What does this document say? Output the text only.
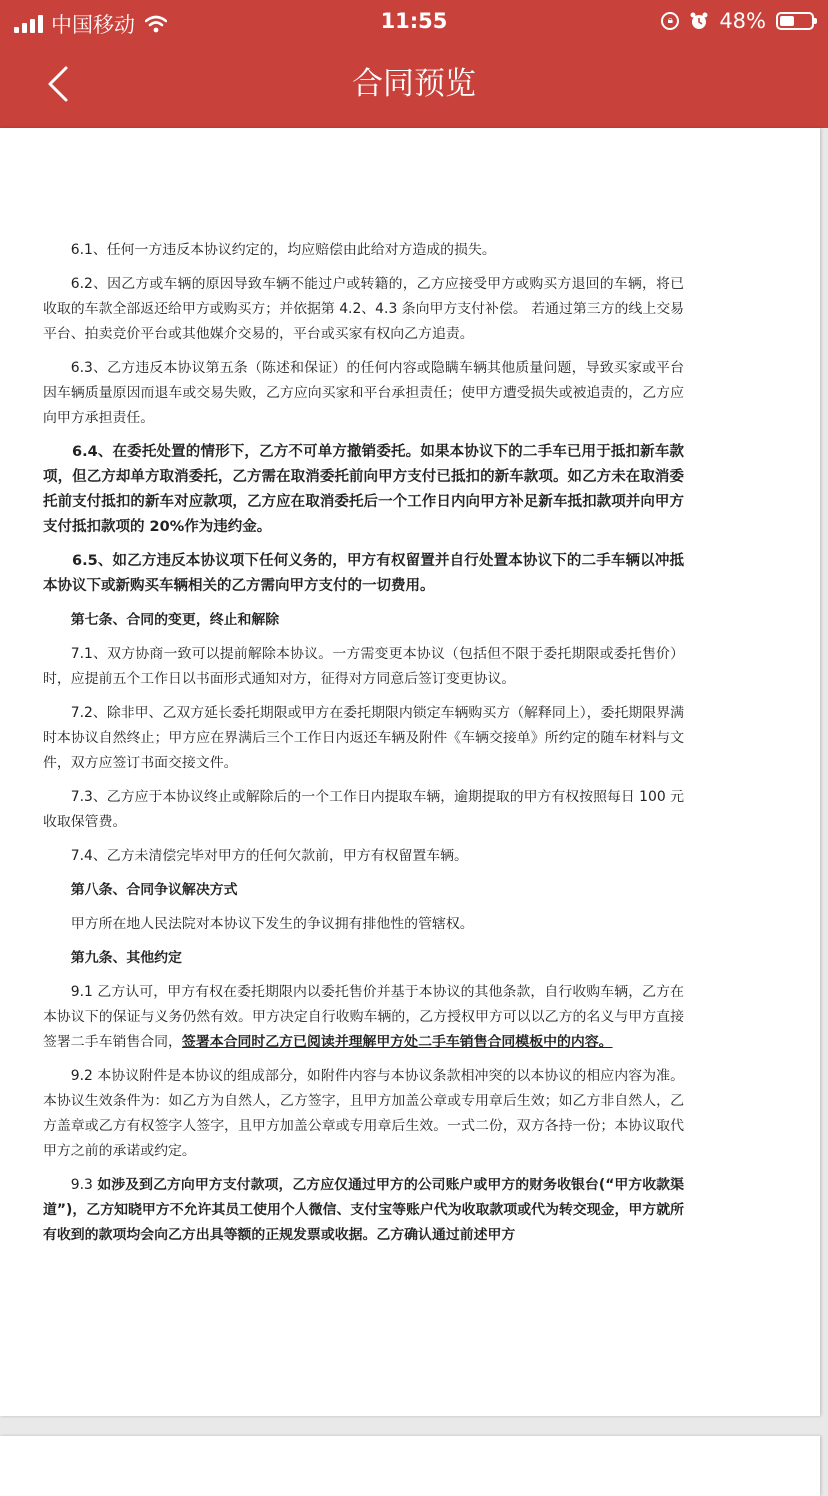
中国移动	11:55	🔒︎	48%
合同预览

6.1、任何一方违反本协议约定的，均应赔偿由此给对方造成的损失。

6.2、因乙方或车辆的原因导致车辆不能过户或转籍的，乙方应接受甲方或购买方退回的车辆，将已收取的车款全部返还给甲方或购买方；并依据第 4.2、4.3 条向甲方支付补偿。 若通过第三方的线上交易平台、拍卖竞价平台或其他媒介交易的，平台或买家有权向乙方追责。

6.3、乙方违反本协议第五条（陈述和保证）的任何内容或隐瞒车辆其他质量问题，导致买家或平台因车辆质量原因而退车或交易失败，乙方应向买家和平台承担责任；使甲方遭受损失或被追责的，乙方应向甲方承担责任。

6.4、在委托处置的情形下，乙方不可单方撤销委托。如果本协议下的二手车已用于抵扣新车款项，但乙方却单方取消委托，乙方需在取消委托前向甲方支付已抵扣的新车款项。如乙方未在取消委托前支付抵扣的新车对应款项，乙方应在取消委托后一个工作日内向甲方补足新车抵扣款项并向甲方支付抵扣款项的 20%作为违约金。

6.5、如乙方违反本协议项下任何义务的，甲方有权留置并自行处置本协议下的二手车辆以冲抵本协议下或新购买车辆相关的乙方需向甲方支付的一切费用。

第七条、合同的变更，终止和解除

7.1、双方协商一致可以提前解除本协议。一方需变更本协议（包括但不限于委托期限或委托售价）时，应提前五个工作日以书面形式通知对方，征得对方同意后签订变更协议。

7.2、除非甲、乙双方延长委托期限或甲方在委托期限内锁定车辆购买方（解释同上），委托期限界满时本协议自然终止；甲方应在界满后三个工作日内返还车辆及附件《车辆交接单》所约定的随车材料与文件，双方应签订书面交接文件。

7.3、乙方应于本协议终止或解除后的一个工作日内提取车辆，逾期提取的甲方有权按照每日 100 元收取保管费。

7.4、乙方未清偿完毕对甲方的任何欠款前，甲方有权留置车辆。

第八条、合同争议解决方式

甲方所在地人民法院对本协议下发生的争议拥有排他性的管辖权。

第九条、其他约定

9.1 乙方认可，甲方有权在委托期限内以委托售价并基于本协议的其他条款，自行收购车辆，乙方在本协议下的保证与义务仍然有效。甲方决定自行收购车辆的，乙方授权甲方可以以乙方的名义与甲方直接签署二手车销售合同，签署本合同时乙方已阅读并理解甲方处二手车销售合同模板中的内容。

9.2 本协议附件是本协议的组成部分，如附件内容与本协议条款相冲突的以本协议的相应内容为准。本协议生效条件为：如乙方为自然人，乙方签字，且甲方加盖公章或专用章后生效；如乙方非自然人，乙方盖章或乙方有权签字人签字，且甲方加盖公章或专用章后生效。一式二份，双方各持一份；本协议取代甲方之前的承诺或约定。

9.3 如涉及到乙方向甲方支付款项，乙方应仅通过甲方的公司账户或甲方的财务收银台(“甲方收款渠道”)，乙方知晓甲方不允许其员工使用个人微信、支付宝等账户代为收取款项或代为转交现金，甲方就所有收到的款项均会向乙方出具等额的正规发票或收据。乙方确认通过前述甲方
